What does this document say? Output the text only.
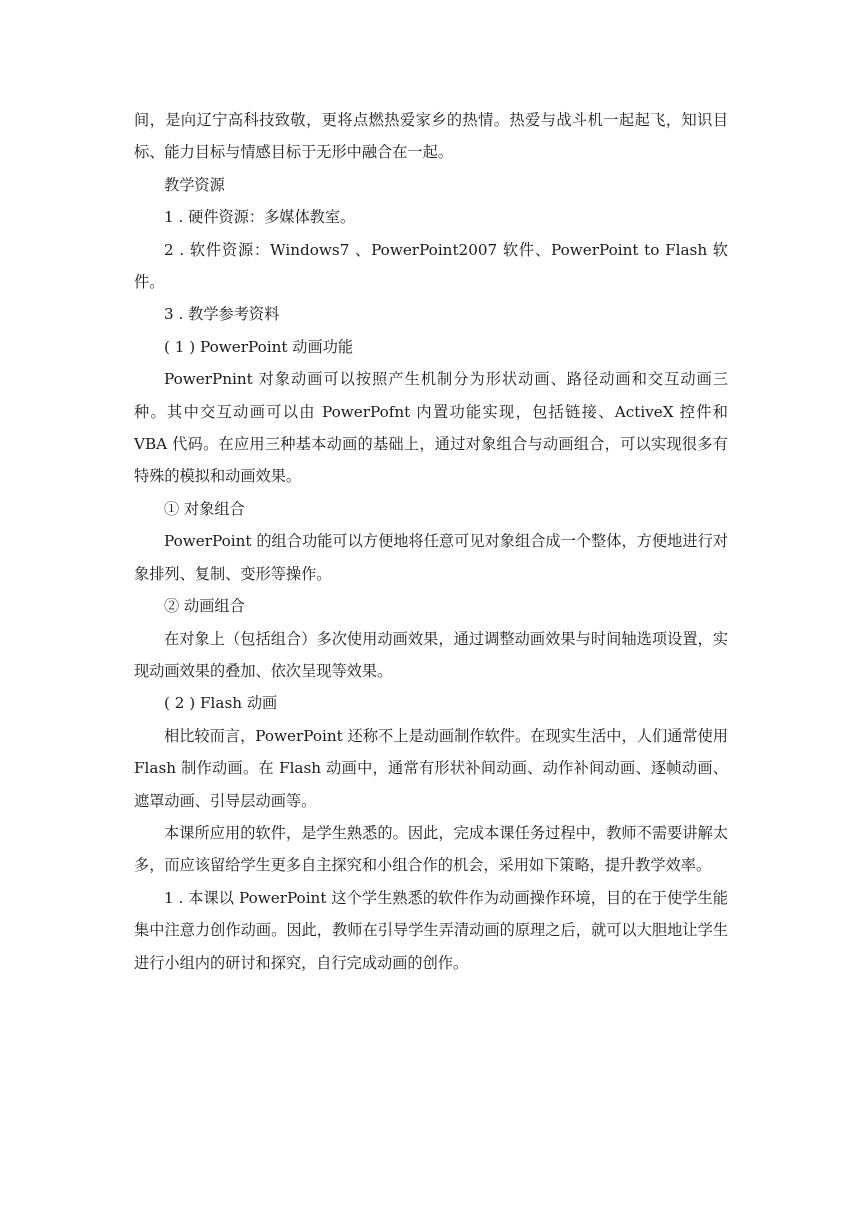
间，是向辽宁高科技致敬，更将点燃热爱家乡的热情。热爱与战斗机一起起飞，知识目标、能力目标与情感目标于无形中融合在一起。

教学资源

1 . 硬件资源：多媒体教室。

2 . 软件资源：Windows7 、PowerPoint2007 软件、PowerPoint to Flash 软件。

3 . 教学参考资料

( 1 ) PowerPoint 动画功能

PowerPnint 对象动画可以按照产生机制分为形状动画、路径动画和交互动画三种。其中交互动画可以由 PowerPofnt 内置功能实现，包括链接、ActiveX 控件和 VBA 代码。在应用三种基本动画的基础上，通过对象组合与动画组合，可以实现很多有特殊的模拟和动画效果。

① 对象组合

PowerPoint 的组合功能可以方便地将任意可见对象组合成一个整体，方便地进行对象排列、复制、变形等操作。

② 动画组合

在对象上（包括组合）多次使用动画效果，通过调整动画效果与时间轴选项设置，实现动画效果的叠加、依次呈现等效果。

( 2 ) Flash 动画

相比较而言，PowerPoint 还称不上是动画制作软件。在现实生活中，人们通常使用 Flash 制作动画。在 Flash 动画中，通常有形状补间动画、动作补间动画、逐帧动画、遮罩动画、引导层动画等。

本课所应用的软件，是学生熟悉的。因此，完成本课任务过程中，教师不需要讲解太多，而应该留给学生更多自主探究和小组合作的机会，采用如下策略，提升教学效率。

1 . 本课以 PowerPoint 这个学生熟悉的软件作为动画操作环境，目的在于使学生能集中注意力创作动画。因此，教师在引导学生弄清动画的原理之后，就可以大胆地让学生进行小组内的研讨和探究，自行完成动画的创作。
